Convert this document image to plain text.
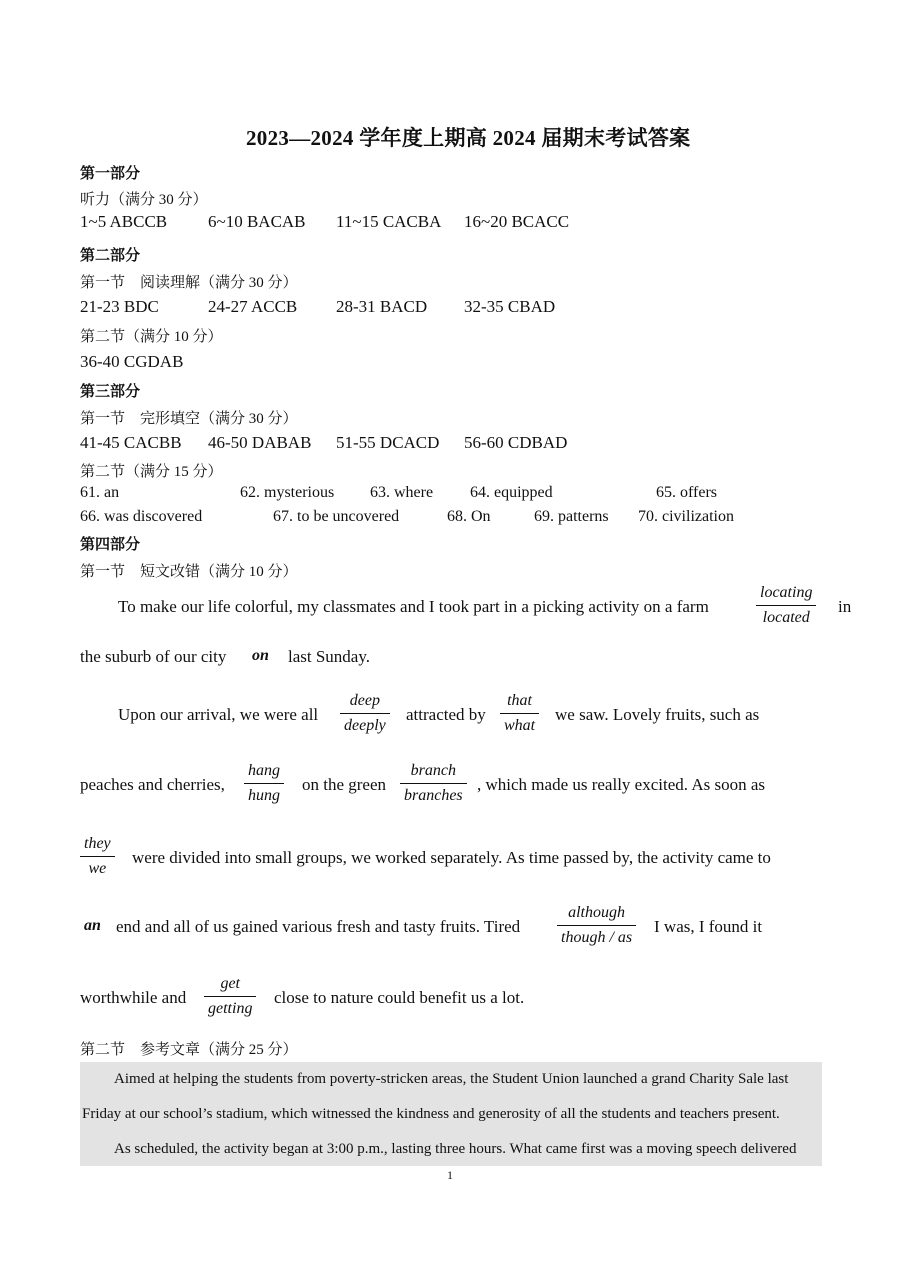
2023—2024 学年度上期高 2024 届期末考试答案
第一部分
听力（满分 30 分）
1~5 ABCCB 6~10 BACAB 11~15 CACBA 16~20 BCACC
第二部分
第一节　阅读理解（满分 30 分）
21-23 BDC	24-27 ACCB 28-31 BACD 32-35 CBAD
第二节（满分 10 分）
36-40 CGDAB
第三部分
第一节　完形填空（满分 30 分）
41-45 CACBB 46-50 DABAB 51-55 DCACD 56-60 CDBAD
第二节（满分 15 分）
61. an	62. mysterious 63. where 64. equipped	65. offers
66. was discovered	67. to be uncovered	68. On	69. patterns 70. civilization
第四部分
第一节　短文改错（满分 10 分）
To make our life colorful, my classmates and I took part in a picking activity on a farm
locating
located
in
the suburb of our city on last Sunday.
Upon our arrival, we were all
deep
deeply
attracted by
that
what
we saw. Lovely fruits, such as
peaches and cherries,
hang
hung
on the green
branch
branches
, which made us really excited. As soon as
they
we
were divided into small groups, we worked separately. As time passed by, the activity came to
an end and all of us gained various fresh and tasty fruits. Tired
although
though / as
I was, I found it
worthwhile and
get
getting
close to nature could benefit us a lot.
第二节　参考文章（满分 25 分）

Aimed at helping the students from poverty-stricken areas, the Student Union launched a grand Charity Sale last

Friday at our school’s stadium, which witnessed the kindness and generosity of all the students and teachers present.

As scheduled, the activity began at 3:00 p.m., lasting three hours. What came first was a moving speech delivered

1
